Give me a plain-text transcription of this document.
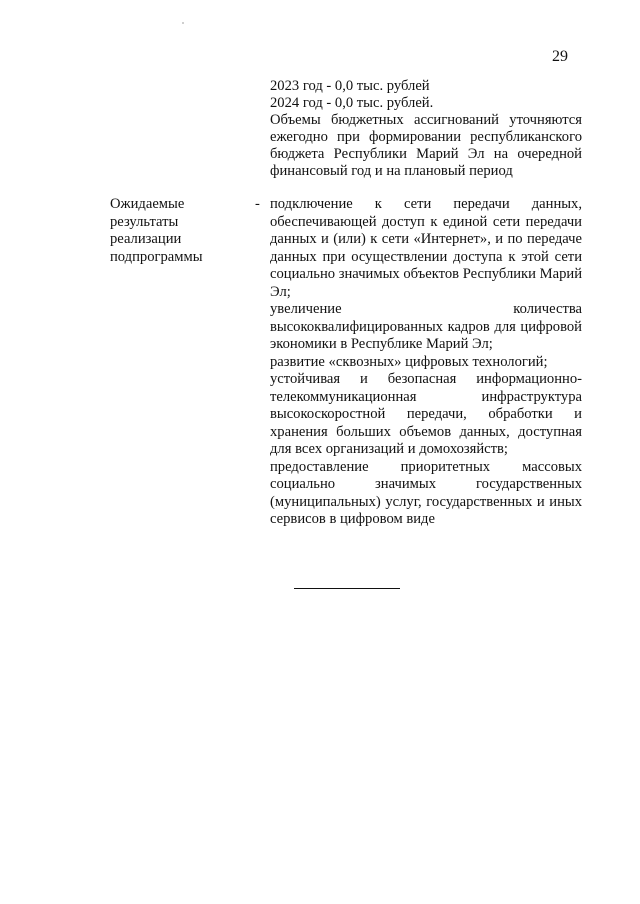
29
2023 год - 0,0 тыс. рублей
2024 год - 0,0 тыс. рублей.
Объемы бюджетных ассигнований уточняются ежегодно при формировании республиканского бюджета Республики Марий Эл на очередной финансовый год и на плановый период
Ожидаемые
результаты
реализации
подпрограммы
- подключение к сети передачи данных, обеспечивающей доступ к единой сети передачи данных и (или) к сети «Интернет», и по передаче данных при осуществлении доступа к этой сети социально значимых объектов Республики Марий Эл;

увеличение количества

высококвалифицированных кадров для цифровой экономики в Республике Марий Эл;

развитие «сквозных» цифровых технологий;

устойчивая и безопасная информационно-телекоммуникационная инфраструктура высокоскоростной передачи, обработки и хранения больших объемов данных, доступная для всех организаций и домохозяйств;

предоставление приоритетных массовых социально значимых государственных (муниципальных) услуг, государственных и иных сервисов в цифровом виде
